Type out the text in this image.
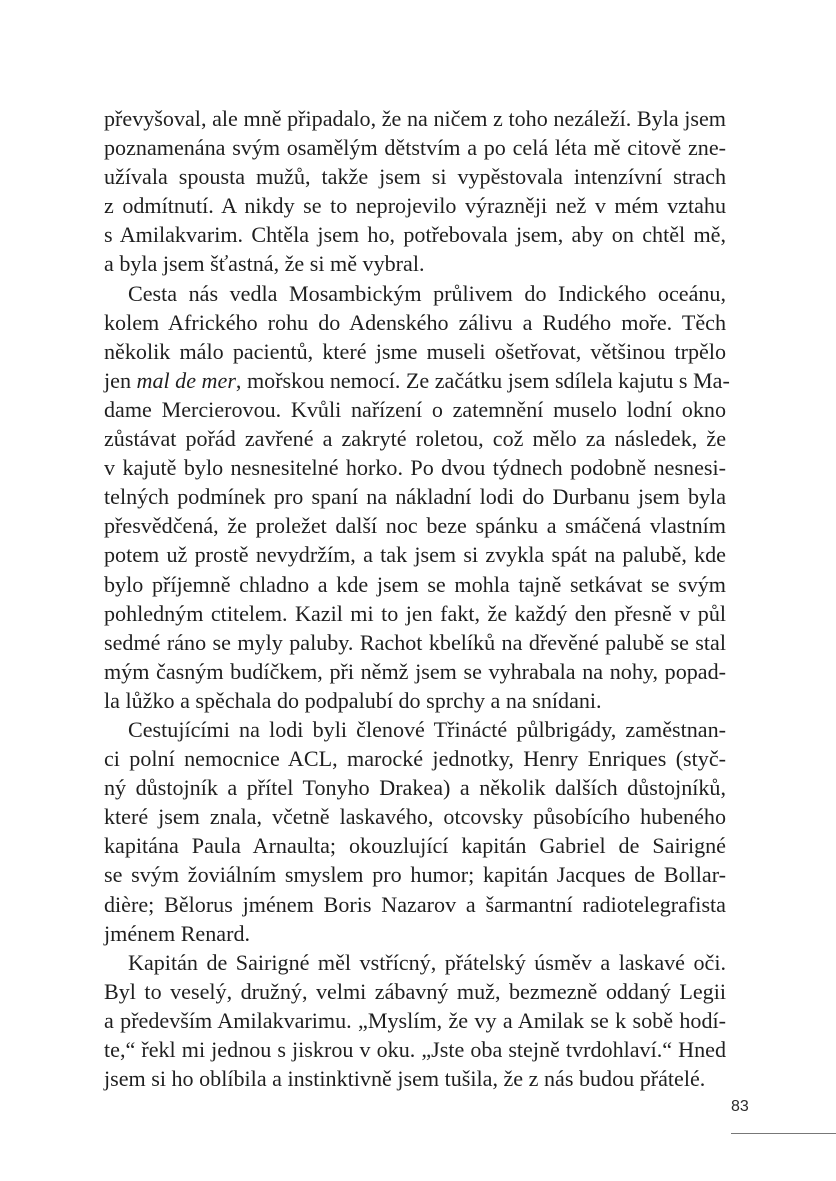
převyšoval, ale mně připadalo, že na ničem z toho nezáleží. Byla jsem
poznamenána svým osamělým dětstvím a po celá léta mě citově zne-
užívala spousta mužů, takže jsem si vypěstovala intenzívní strach
z odmítnutí. A nikdy se to neprojevilo výrazněji než v mém vztahu
s Amilakvarim. Chtěla jsem ho, potřebovala jsem, aby on chtěl mě,
a byla jsem šťastná, že si mě vybral.

Cesta nás vedla Mosambickým průlivem do Indického oceánu,
kolem Afrického rohu do Adenského zálivu a Rudého moře. Těch
několik málo pacientů, které jsme museli ošetřovat, většinou trpělo
jen mal de mer, mořskou nemocí. Ze začátku jsem sdílela kajutu s Ma-
dame Mercierovou. Kvůli nařízení o zatemnění muselo lodní okno
zůstávat pořád zavřené a zakryté roletou, což mělo za následek, že
v kajutě bylo nesnesitelné horko. Po dvou týdnech podobně nesnesi-
telných podmínek pro spaní na nákladní lodi do Durbanu jsem byla
přesvědčená, že proležet další noc beze spánku a smáčená vlastním
potem už prostě nevydržím, a tak jsem si zvykla spát na palubě, kde
bylo příjemně chladno a kde jsem se mohla tajně setkávat se svým
pohledným ctitelem. Kazil mi to jen fakt, že každý den přesně v půl
sedmé ráno se myly paluby. Rachot kbelíků na dřevěné palubě se stal
mým časným budíčkem, při němž jsem se vyhrabala na nohy, popad-
la lůžko a spěchala do podpalubí do sprchy a na snídani.

Cestujícími na lodi byli členové Třinácté půlbrigády, zaměstnan-
ci polní nemocnice ACL, marocké jednotky, Henry Enriques (styč-
ný důstojník a přítel Tonyho Drakea) a několik dalších důstojníků,
které jsem znala, včetně laskavého, otcovsky působícího hubeného
kapitána Paula Arnaulta; okouzlující kapitán Gabriel de Sairigné
se svým žoviálním smyslem pro humor; kapitán Jacques de Bollar-
dière; Bělorus jménem Boris Nazarov a šarmantní radiotelegrafista
jménem Renard.

Kapitán de Sairigné měl vstřícný, přátelský úsměv a laskavé oči.
Byl to veselý, družný, velmi zábavný muž, bezmezně oddaný Legii
a především Amilakvarimu. „Myslím, že vy a Amilak se k sobě hodí-
te,“ řekl mi jednou s jiskrou v oku. „Jste oba stejně tvrdohlaví.“ Hned
jsem si ho oblíbila a instinktivně jsem tušila, že z nás budou přátelé.

83
